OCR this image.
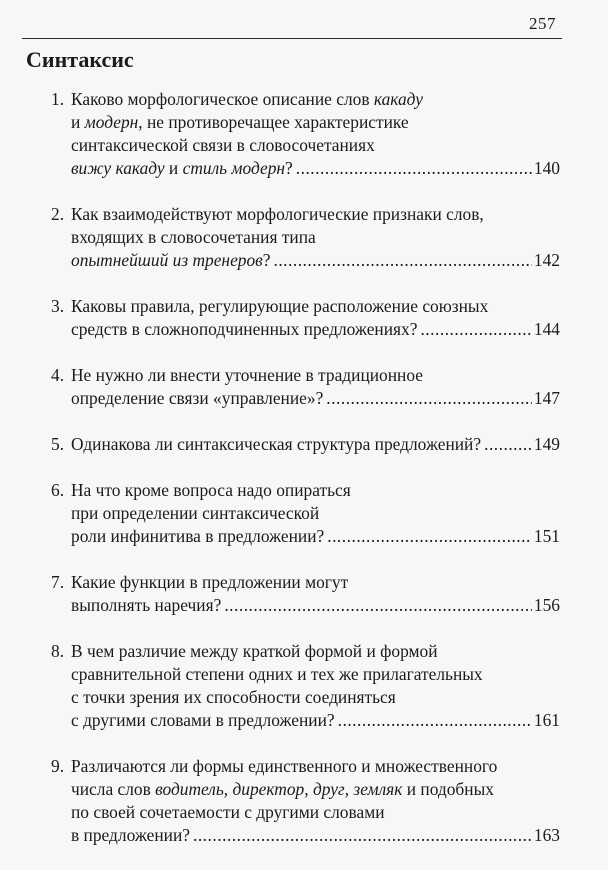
257
Синтаксис
1. Каково морфологическое описание слов какаду
и модерн, не противоречащее характеристике
синтаксической связи в словосочетаниях
вижу какаду и стиль модерн? .....	140
2. Как взаимодействуют морфологические признаки слов,
входящих в словосочетания типа
опытнейший из тренеров? .....	142
3. Каковы правила, регулирующие расположение союзных
средств в сложноподчиненных предложениях? .....	144
4. Не нужно ли внести уточнение в традиционное
определение связи «управление»? .....	147
5. Одинакова ли синтаксическая структура предложений? .....	149
6. На что кроме вопроса надо опираться
при определении синтаксической
роли инфинитива в предложении? .....	151
7. Какие функции в предложении могут
выполнять наречия? .....	156
8. В чем различие между краткой формой и формой
сравнительной степени одних и тех же прилагательных
с точки зрения их способности соединяться
с другими словами в предложении? .....	161
9. Различаются ли формы единственного и множественного
числа слов водитель, директор, друг, земляк и подобных
по своей сочетаемости с другими словами
в предложении? .....	163
